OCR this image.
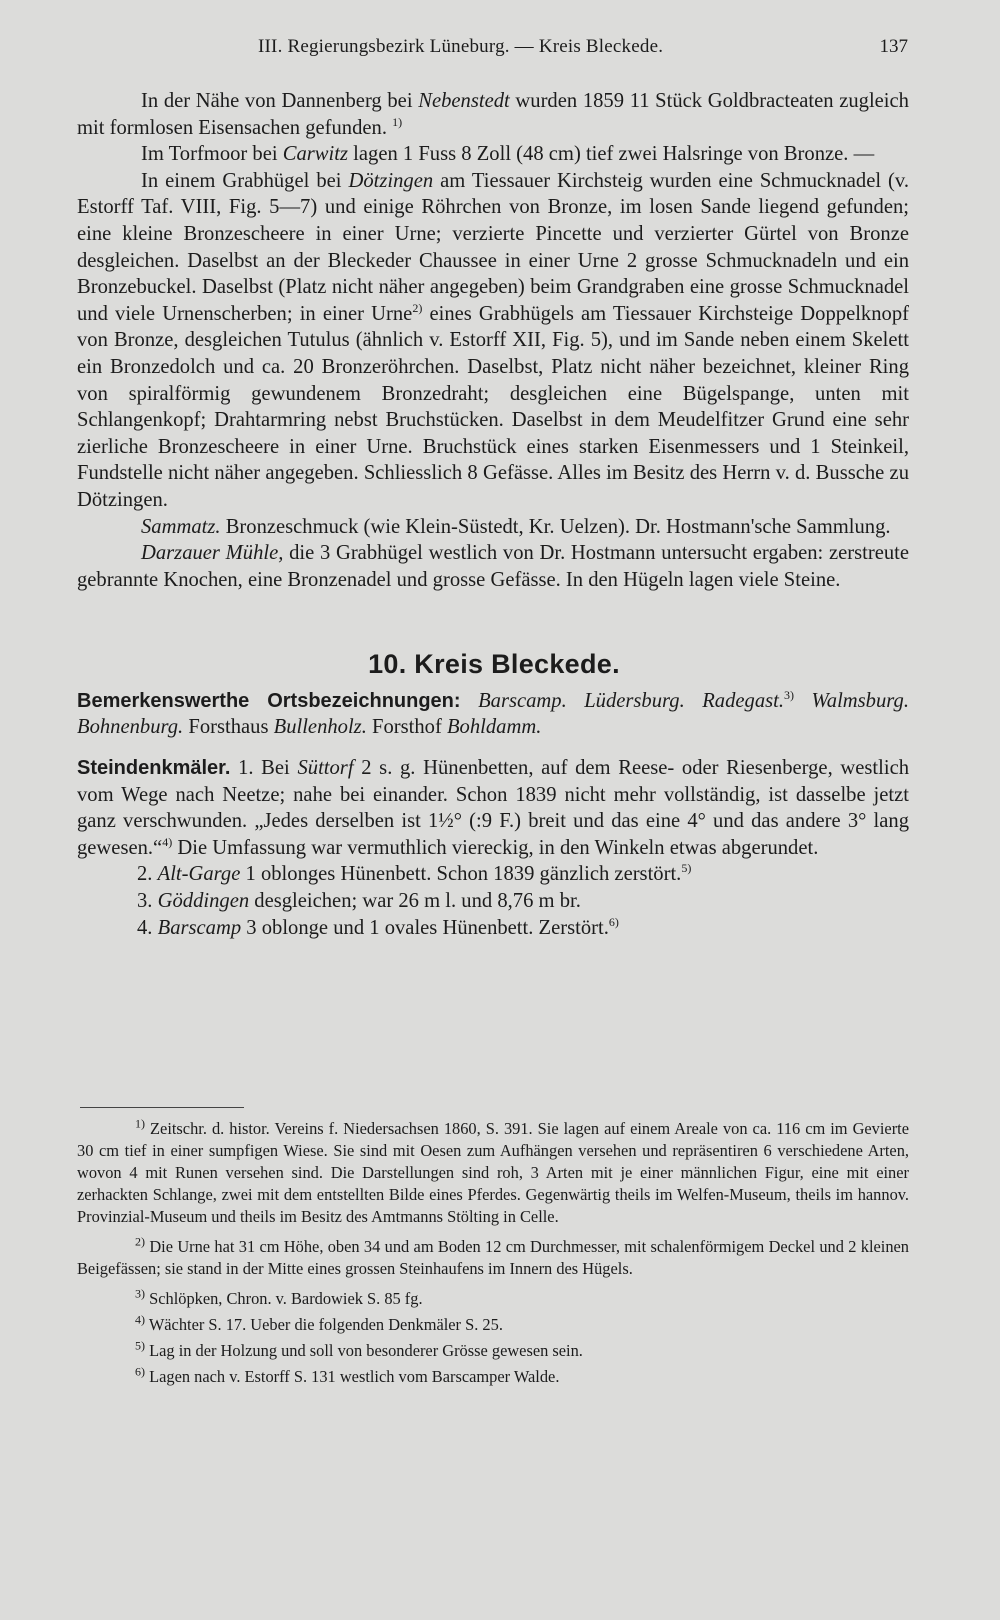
III. Regierungsbezirk Lüneburg. — Kreis Bleckede.	137

In der Nähe von Dannenberg bei Nebenstedt wurden 1859 11 Stück Goldbracteaten zugleich mit formlosen Eisensachen gefunden. $^{1)}$

Im Torfmoor bei Carwitz lagen 1 Fuss 8 Zoll (48 cm) tief zwei Halsringe von Bronze. —

In einem Grabhügel bei Dötzingen am Tiessauer Kirchsteig wurden eine Schmucknadel (v. Estorff Taf. VIII, Fig. 5—7) und einige Röhrchen von Bronze, im losen Sande liegend gefunden; eine kleine Bronzescheere in einer Urne; verzierte Pincette und verzierter Gürtel von Bronze desgleichen. Daselbst an der Bleckeder Chaussee in einer Urne 2 grosse Schmucknadeln und ein Bronzebuckel. Daselbst (Platz nicht näher angegeben) beim Grandgraben eine grosse Schmucknadel und viele Urnenscherben; in einer Urne$^{2)}$ eines Grabhügels am Tiessauer Kirchsteige Doppelknopf von Bronze, desgleichen Tutulus (ähnlich v. Estorff XII, Fig. 5), und im Sande neben einem Skelett ein Bronzedolch und ca. 20 Bronzeröhrchen. Daselbst, Platz nicht näher bezeichnet, kleiner Ring von spiralförmig gewundenem Bronzedraht; desgleichen eine Bügelspange, unten mit Schlangenkopf; Drahtarmring nebst Bruchstücken. Daselbst in dem Meudelfitzer Grund eine sehr zierliche Bronzescheere in einer Urne. Bruchstück eines starken Eisenmessers und 1 Steinkeil, Fundstelle nicht näher angegeben. Schliesslich 8 Gefässe. Alles im Besitz des Herrn v. d. Bussche zu Dötzingen.

Sammatz. Bronzeschmuck (wie Klein-Süstedt, Kr. Uelzen). Dr. Hostmann'sche Sammlung.

Darzauer Mühle, die 3 Grabhügel westlich von Dr. Hostmann untersucht ergaben: zerstreute gebrannte Knochen, eine Bronzenadel und grosse Gefässe. In den Hügeln lagen viele Steine.

10. Kreis Bleckede.

Bemerkenswerthe Ortsbezeichnungen: Barscamp. Lüdersburg. Radegast.$^{3)}$ Walmsburg. Bohnenburg. Forsthaus Bullenholz. Forsthof Bohldamm.

Steindenkmäler. 1. Bei Süttorf 2 s. g. Hünenbetten, auf dem Reese- oder Riesenberge, westlich vom Wege nach Neetze; nahe bei einander. Schon 1839 nicht mehr vollständig, ist dasselbe jetzt ganz verschwunden. „Jedes derselben ist 1½° (:9 F.) breit und das eine 4° und das andere 3° lang gewesen.“$^{4)}$ Die Umfassung war vermuthlich viereckig, in den Winkeln etwas abgerundet.

2. Alt-Garge 1 oblonges Hünenbett. Schon 1839 gänzlich zerstört.$^{5)}$

3. Göddingen desgleichen; war 26 m l. und 8,76 m br.

4. Barscamp 3 oblonge und 1 ovales Hünenbett. Zerstört.$^{6)}$

$^{1)}$ Zeitschr. d. histor. Vereins f. Niedersachsen 1860, S. 391. Sie lagen auf einem Areale von ca. 116 cm im Gevierte 30 cm tief in einer sumpfigen Wiese. Sie sind mit Oesen zum Aufhängen versehen und repräsentiren 6 verschiedene Arten, wovon 4 mit Runen versehen sind. Die Darstellungen sind roh, 3 Arten mit je einer männlichen Figur, eine mit einer zerhackten Schlange, zwei mit dem entstellten Bilde eines Pferdes. Gegenwärtig theils im Welfen-Museum, theils im hannov. Provinzial-Museum und theils im Besitz des Amtmanns Stölting in Celle.

$^{2)}$ Die Urne hat 31 cm Höhe, oben 34 und am Boden 12 cm Durchmesser, mit schalenförmigem Deckel und 2 kleinen Beigefässen; sie stand in der Mitte eines grossen Steinhaufens im Innern des Hügels.

$^{3)}$ Schlöpken, Chron. v. Bardowiek S. 85 fg.

$^{4)}$ Wächter S. 17. Ueber die folgenden Denkmäler S. 25.

$^{5)}$ Lag in der Holzung und soll von besonderer Grösse gewesen sein.

$^{6)}$ Lagen nach v. Estorff S. 131 westlich vom Barscamper Walde.
